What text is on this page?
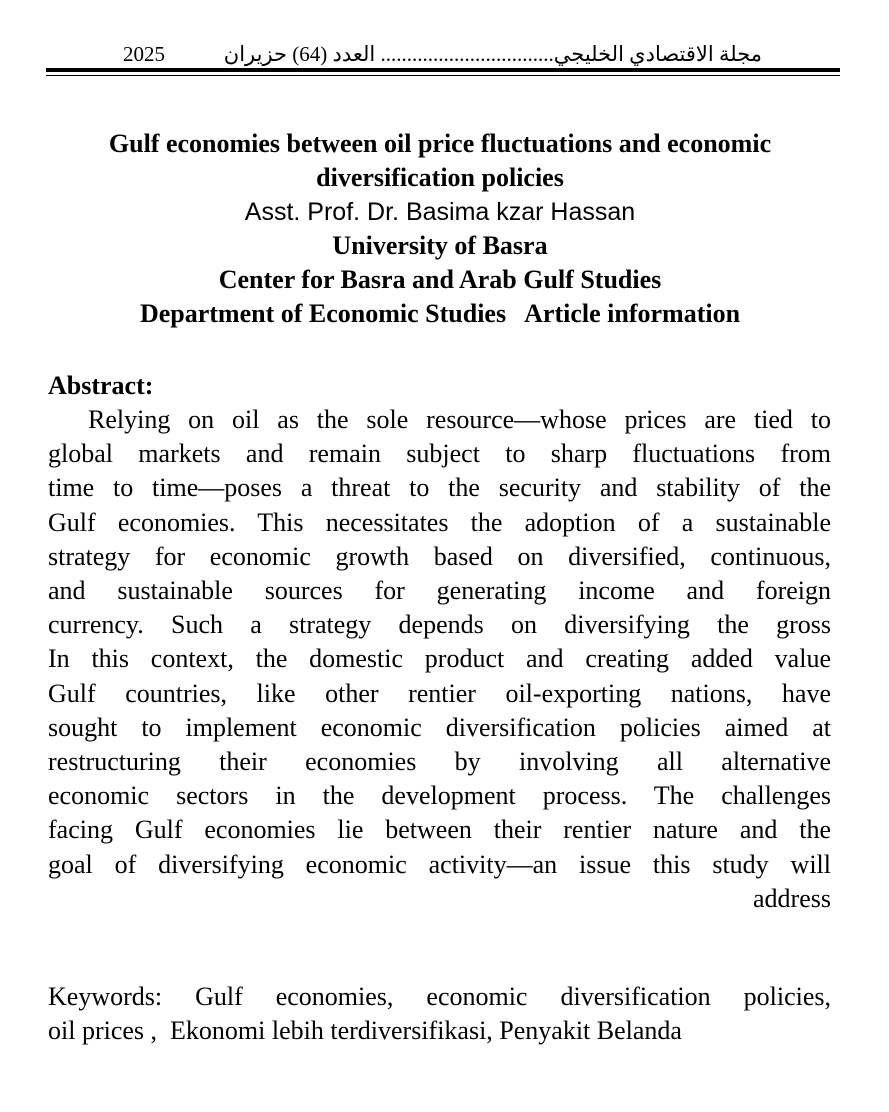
2025	مجلة الاقتصادي الخليجي................................. العدد (64) حزيران
Gulf economies between oil price fluctuations and economic
diversification policies
Asst. Prof. Dr. Basima kzar Hassan
University of Basra
Center for Basra and Arab Gulf Studies
Department of Economic Studies   Article information
Abstract:
Relying on oil as the sole resource—whose prices are tied to
global markets and remain subject to sharp fluctuations from
time to time—poses a threat to the security and stability of the
Gulf economies. This necessitates the adoption of a sustainable
strategy for economic growth based on diversified, continuous,
and sustainable sources for generating income and foreign
currency. Such a strategy depends on diversifying the gross
In this context, the domestic product and creating added value
Gulf countries, like other rentier oil-exporting nations, have
sought to implement economic diversification policies aimed at
restructuring their economies by involving all alternative
economic sectors in the development process. The challenges
facing Gulf economies lie between their rentier nature and the
goal of diversifying economic activity—an issue this study will
address
Keywords: Gulf economies, economic diversification policies,
oil prices ,  Ekonomi lebih terdiversifikasi, Penyakit Belanda
